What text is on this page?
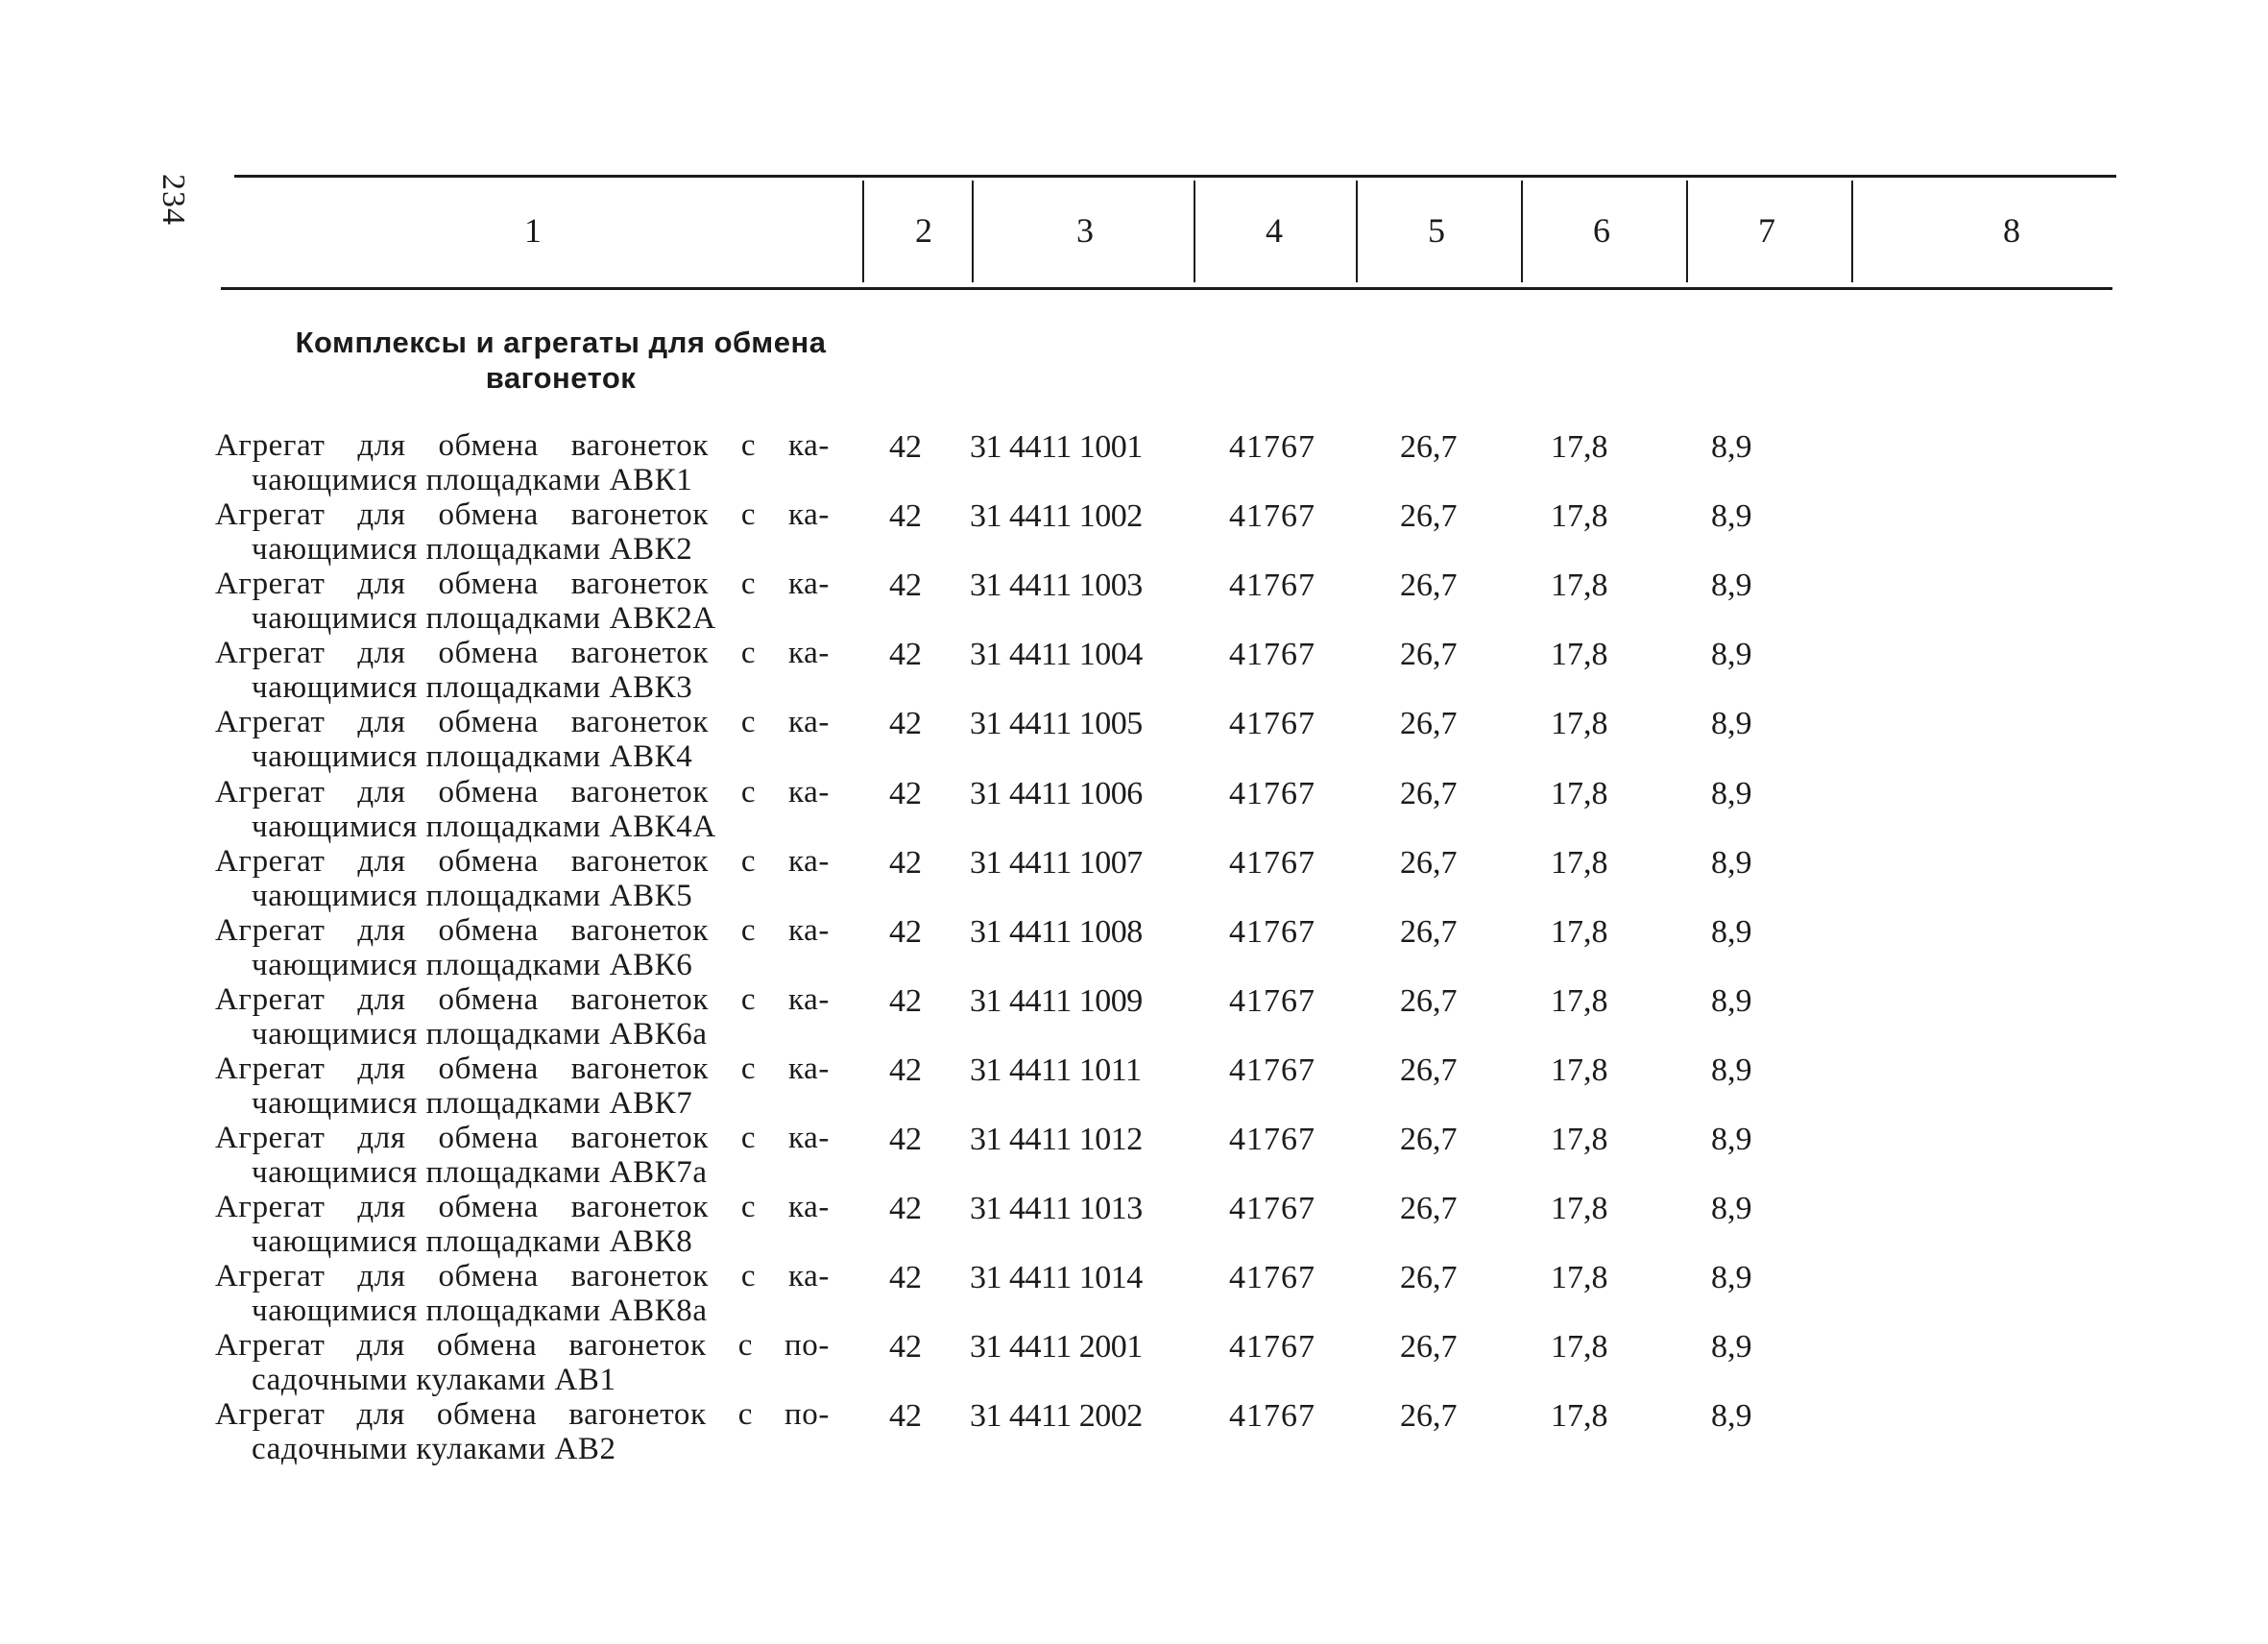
234
1	2	3	4	5	6	7	8
Комплексы и агрегаты для обмена
вагонеток
Агрегат для обмена вагонеток с ка-
чающимися площадками АВК1
42 31 4411 1001	41767	26,7	17,8	8,9
Агрегат для обмена вагонеток с ка-
чающимися площадками АВК2
42 31 4411 1002	41767	26,7	17,8	8,9
Агрегат для обмена вагонеток с ка-
чающимися площадками АВК2А
42 31 4411 1003	41767	26,7	17,8	8,9
Агрегат для обмена вагонеток с ка-
чающимися площадками АВК3
42 31 4411 1004	41767	26,7	17,8	8,9
Агрегат для обмена вагонеток с ка-
чающимися площадками АВК4
42 31 4411 1005	41767	26,7	17,8	8,9
Агрегат для обмена вагонеток с ка-
чающимися площадками АВК4А
42 31 4411 1006	41767	26,7	17,8	8,9
Агрегат для обмена вагонеток с ка-
чающимися площадками АВК5
42 31 4411 1007	41767	26,7	17,8	8,9
Агрегат для обмена вагонеток с ка-
чающимися площадками АВК6
42 31 4411 1008	41767	26,7	17,8	8,9
Агрегат для обмена вагонеток с ка-
чающимися площадками АВК6а
42 31 4411 1009	41767	26,7	17,8	8,9
Агрегат для обмена вагонеток с ка-
чающимися площадками АВК7
42 31 4411 1011	41767	26,7	17,8	8,9
Агрегат для обмена вагонеток с ка-
чающимися площадками АВК7а
42 31 4411 1012	41767	26,7	17,8	8,9
Агрегат для обмена вагонеток с ка-
чающимися площадками АВК8
42 31 4411 1013	41767	26,7	17,8	8,9
Агрегат для обмена вагонеток с ка-
чающимися площадками АВК8а
42 31 4411 1014	41767	26,7	17,8	8,9
Агрегат для обмена вагонеток с по-
садочными кулаками АВ1
42 31 4411 2001	41767	26,7	17,8	8,9
Агрегат для обмена вагонеток с по-
садочными кулаками АВ2
42 31 4411 2002	41767	26,7	17,8	8,9
